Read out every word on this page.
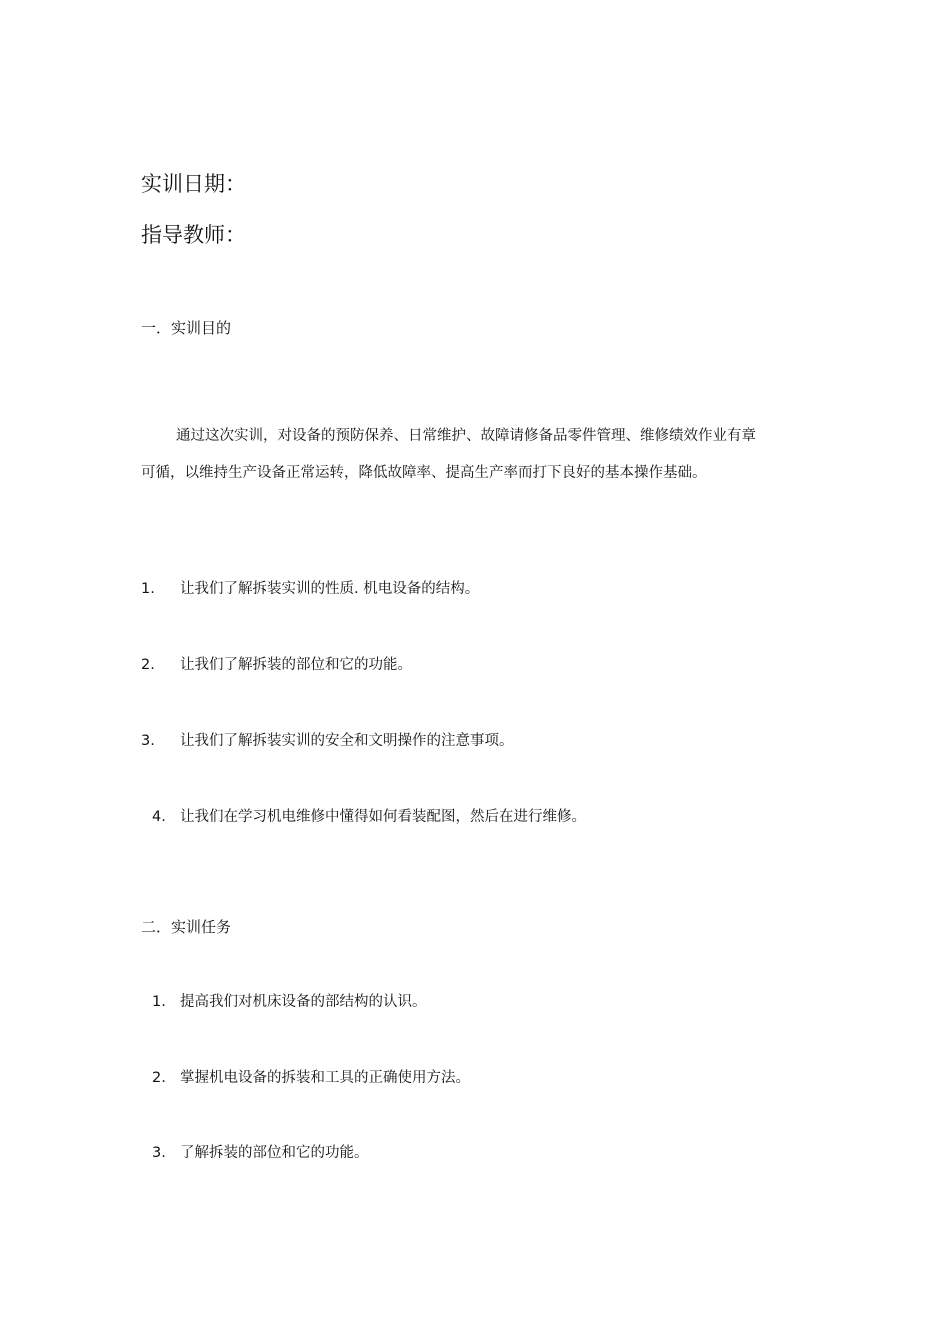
实训日期：
指导教师：
一．实训目的
通过这次实训，对设备的预防保养、日常维护、故障请修备品零件管理、维修绩效作业有章
可循，以维持生产设备正常运转，降低故障率、提高生产率而打下良好的基本操作基础。
1. 让我们了解拆装实训的性质. 机电设备的结构。
2. 让我们了解拆装的部位和它的功能。
3. 让我们了解拆装实训的安全和文明操作的注意事项。
4. 让我们在学习机电维修中懂得如何看装配图，然后在进行维修。
二．实训任务
1. 提高我们对机床设备的部结构的认识。
2. 掌握机电设备的拆装和工具的正确使用方法。
3. 了解拆装的部位和它的功能。
